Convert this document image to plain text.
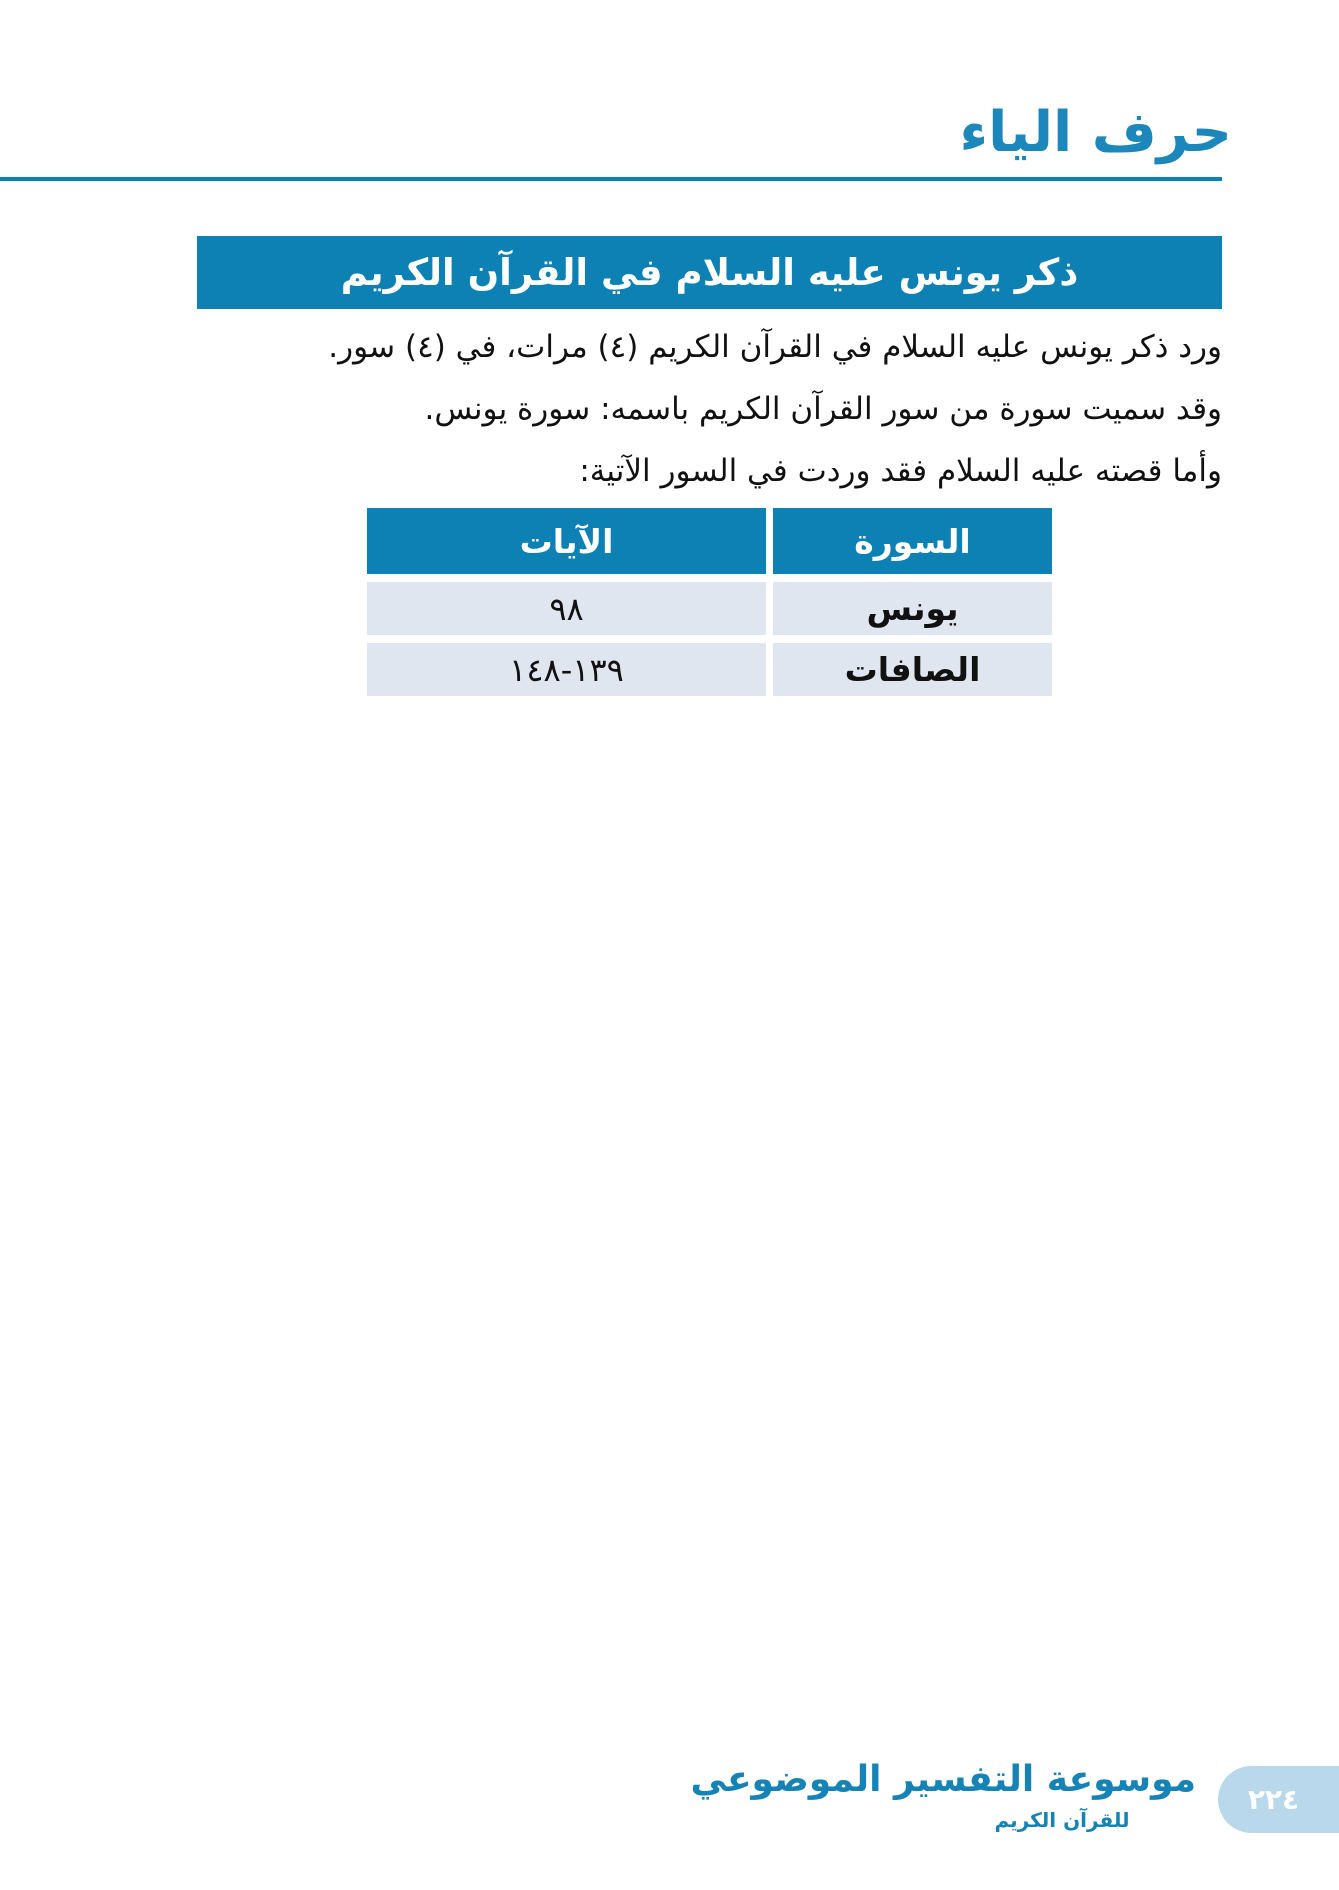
حرف الياء
ذكر يونس عليه السلام في القرآن الكريم
ورد ذكر يونس عليه السلام في القرآن الكريم (٤) مرات، في (٤) سور.
وقد سميت سورة من سور القرآن الكريم باسمه: سورة يونس.
وأما قصته عليه السلام فقد وردت في السور الآتية:
السورة
الآيات
يونس
٩٨
الصافات
١٣٩-١٤٨
موسوعة التفسير الموضوعي
للقرآن الكريم
٢٢٤
